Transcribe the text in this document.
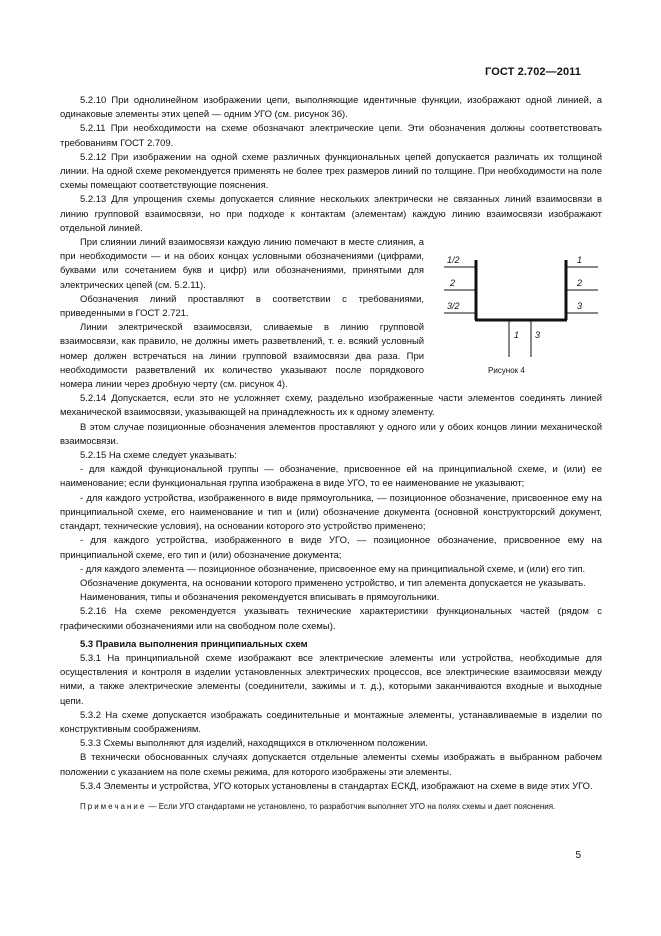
ГОСТ 2.702—2011

5.2.10 При однолинейном изображении цепи, выполняющие идентичные функции, изображают одной линией, а одинаковые элементы этих цепей — одним УГО (см. рисунок 3б).

5.2.11 При необходимости на схеме обозначают электрические цепи. Эти обозначения должны соответствовать требованиям ГОСТ 2.709.

5.2.12 При изображении на одной схеме различных функциональных цепей допускается различать их толщиной линии. На одной схеме рекомендуется применять не более трех размеров линий по толщине. При необходимости на поле схемы помещают соответствующие пояснения.

5.2.13 Для упрощения схемы допускается слияние нескольких электрически не связанных линий взаимосвязи в линию групповой взаимосвязи, но при подходе к контактам (элементам) каждую линию взаимосвязи изображают отдельной линией.

1/2
2
3/2
1
2
3
1 3
Рисунок 4

При слиянии линий взаимосвязи каждую линию помечают в месте слияния, а при необходимости — и на обоих концах условными обозначениями (цифрами, буквами или сочетанием букв и цифр) или обозначениями, принятыми для электрических цепей (см. 5.2.11).

Обозначения линий проставляют в соответствии с требованиями, приведенными в ГОСТ 2.721.

Линии электрической взаимосвязи, сливаемые в линию групповой взаимосвязи, как правило, не должны иметь разветвлений, т. е. всякий условный номер должен встречаться на линии групповой взаимосвязи два раза. При необходимости разветвлений их количество указывают после порядкового номера линии через дробную черту (см. рисунок 4).

5.2.14 Допускается, если это не усложняет схему, раздельно изображенные части элементов соединять линией механической взаимосвязи, указывающей на принадлежность их к одному элементу.

В этом случае позиционные обозначения элементов проставляют у одного или у обоих концов линии механической взаимосвязи.

5.2.15 На схеме следует указывать:

- для каждой функциональной группы — обозначение, присвоенное ей на принципиальной схеме, и (или) ее наименование; если функциональная группа изображена в виде УГО, то ее наименование не указывают;

- для каждого устройства, изображенного в виде прямоугольника, — позиционное обозначение, присвоенное ему на принципиальной схеме, его наименование и тип и (или) обозначение документа (основной конструкторский документ, стандарт, технические условия), на основании которого это устройство применено;

- для каждого устройства, изображенного в виде УГО, — позиционное обозначение, присвоенное ему на принципиальной схеме, его тип и (или) обозначение документа;

- для каждого элемента — позиционное обозначение, присвоенное ему на принципиальной схеме, и (или) его тип.

Обозначение документа, на основании которого применено устройство, и тип элемента допускается не указывать.

Наименования, типы и обозначения рекомендуется вписывать в прямоугольники.

5.2.16 На схеме рекомендуется указывать технические характеристики функциональных частей (рядом с графическими обозначениями или на свободном поле схемы).

5.3 Правила выполнения принципиальных схем

5.3.1 На принципиальной схеме изображают все электрические элементы или устройства, необходимые для осуществления и контроля в изделии установленных электрических процессов, все электрические взаимосвязи между ними, а также электрические элементы (соединители, зажимы и т. д.), которыми заканчиваются входные и выходные цепи.

5.3.2 На схеме допускается изображать соединительные и монтажные элементы, устанавливаемые в изделии по конструктивным соображениям.

5.3.3 Схемы выполняют для изделий, находящихся в отключенном положении.

В технически обоснованных случаях допускается отдельные элементы схемы изображать в выбранном рабочем положении с указанием на поле схемы режима, для которого изображены эти элементы.

5.3.4 Элементы и устройства, УГО которых установлены в стандартах ЕСКД, изображают на схеме в виде этих УГО.

Примечание — Если УГО стандартами не установлено, то разработчик выполняет УГО на полях схемы и дает пояснения.

5
